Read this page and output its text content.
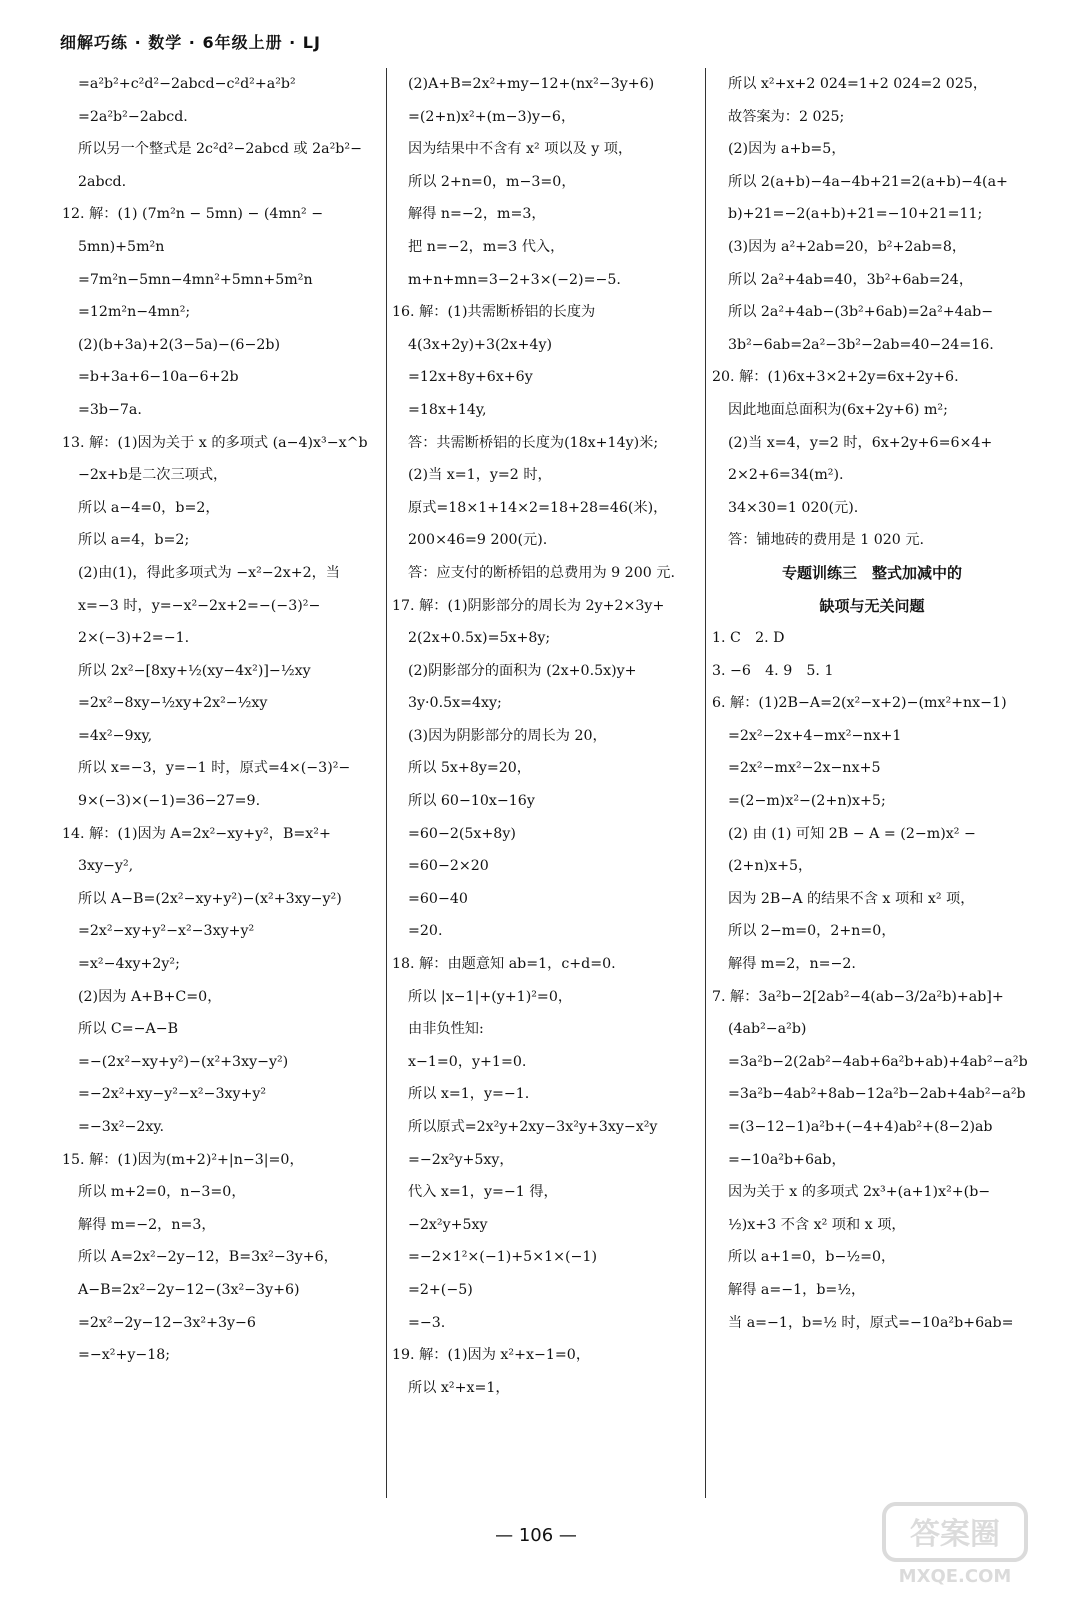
细解巧练 · 数学 · 6年级上册 · LJ
=a²b²+c²d²−2abcd−c²d²+a²b²
=2a²b²−2abcd.
所以另一个整式是 2c²d²−2abcd 或 2a²b²−
2abcd.
12. 解：(1) (7m²n − 5mn) − (4mn² −
5mn)+5m²n
=7m²n−5mn−4mn²+5mn+5m²n
=12m²n−4mn²;
(2)(b+3a)+2(3−5a)−(6−2b)
=b+3a+6−10a−6+2b
=3b−7a.
13. 解：(1)因为关于 x 的多项式 (a−4)x³−x^b
−2x+b是二次三项式，
所以 a−4=0，b=2，
所以 a=4，b=2;
(2)由(1)，得此多项式为 −x²−2x+2，当
x=−3 时，y=−x²−2x+2=−(−3)²−
2×(−3)+2=−1.
所以 2x²−[8xy+½(xy−4x²)]−½xy
=2x²−8xy−½xy+2x²−½xy
=4x²−9xy,
所以 x=−3，y=−1 时，原式=4×(−3)²−
9×(−3)×(−1)=36−27=9.
14. 解：(1)因为 A=2x²−xy+y²，B=x²+
3xy−y²,
所以 A−B=(2x²−xy+y²)−(x²+3xy−y²)
=2x²−xy+y²−x²−3xy+y²
=x²−4xy+2y²;
(2)因为 A+B+C=0，
所以 C=−A−B
=−(2x²−xy+y²)−(x²+3xy−y²)
=−2x²+xy−y²−x²−3xy+y²
=−3x²−2xy.
15. 解：(1)因为(m+2)²+|n−3|=0，
所以 m+2=0，n−3=0，
解得 m=−2，n=3，
所以 A=2x²−2y−12，B=3x²−3y+6，
A−B=2x²−2y−12−(3x²−3y+6)
=2x²−2y−12−3x²+3y−6
=−x²+y−18;
(2)A+B=2x²+my−12+(nx²−3y+6)
=(2+n)x²+(m−3)y−6，
因为结果中不含有 x² 项以及 y 项，
所以 2+n=0，m−3=0，
解得 n=−2，m=3，
把 n=−2，m=3 代入，
m+n+mn=3−2+3×(−2)=−5.
16. 解：(1)共需断桥铝的长度为
4(3x+2y)+3(2x+4y)
=12x+8y+6x+6y
=18x+14y,
答：共需断桥铝的长度为(18x+14y)米;
(2)当 x=1，y=2 时，
原式=18×1+14×2=18+28=46(米)，
200×46=9 200(元).
答：应支付的断桥铝的总费用为 9 200 元.
17. 解：(1)阴影部分的周长为 2y+2×3y+
2(2x+0.5x)=5x+8y;
(2)阴影部分的面积为 (2x+0.5x)y+
3y·0.5x=4xy;
(3)因为阴影部分的周长为 20，
所以 5x+8y=20，
所以 60−10x−16y
=60−2(5x+8y)
=60−2×20
=60−40
=20.
18. 解：由题意知 ab=1，c+d=0.
所以 |x−1|+(y+1)²=0，
由非负性知:
x−1=0，y+1=0.
所以 x=1，y=−1.
所以原式=2x²y+2xy−3x²y+3xy−x²y
=−2x²y+5xy，
代入 x=1，y=−1 得，
−2x²y+5xy
=−2×1²×(−1)+5×1×(−1)
=2+(−5)
=−3.
19. 解：(1)因为 x²+x−1=0，
所以 x²+x=1，
所以 x²+x+2 024=1+2 024=2 025，
故答案为：2 025;
(2)因为 a+b=5，
所以 2(a+b)−4a−4b+21=2(a+b)−4(a+
b)+21=−2(a+b)+21=−10+21=11;
(3)因为 a²+2ab=20，b²+2ab=8，
所以 2a²+4ab=40，3b²+6ab=24，
所以 2a²+4ab−(3b²+6ab)=2a²+4ab−
3b²−6ab=2a²−3b²−2ab=40−24=16.
20. 解：(1)6x+3×2+2y=6x+2y+6.
因此地面总面积为(6x+2y+6) m²;
(2)当 x=4，y=2 时，6x+2y+6=6×4+
2×2+6=34(m²).
34×30=1 020(元).
答：铺地砖的费用是 1 020 元.
专题训练三　整式加减中的
缺项与无关问题
1. C　2. D
3. −6　4. 9　5. 1
6. 解：(1)2B−A=2(x²−x+2)−(mx²+nx−1)
=2x²−2x+4−mx²−nx+1
=2x²−mx²−2x−nx+5
=(2−m)x²−(2+n)x+5;
(2) 由 (1) 可知 2B − A = (2−m)x² −
(2+n)x+5，
因为 2B−A 的结果不含 x 项和 x² 项，
所以 2−m=0，2+n=0，
解得 m=2，n=−2.
7. 解：3a²b−2[2ab²−4(ab−3/2a²b)+ab]+
(4ab²−a²b)
=3a²b−2(2ab²−4ab+6a²b+ab)+4ab²−a²b
=3a²b−4ab²+8ab−12a²b−2ab+4ab²−a²b
=(3−12−1)a²b+(−4+4)ab²+(8−2)ab
=−10a²b+6ab，
因为关于 x 的多项式 2x³+(a+1)x²+(b−
½)x+3 不含 x² 项和 x 项，
所以 a+1=0，b−½=0，
解得 a=−1，b=½，
当 a=−1，b=½ 时，原式=−10a²b+6ab=
— 106 —	答案圈
MXQE.COM
